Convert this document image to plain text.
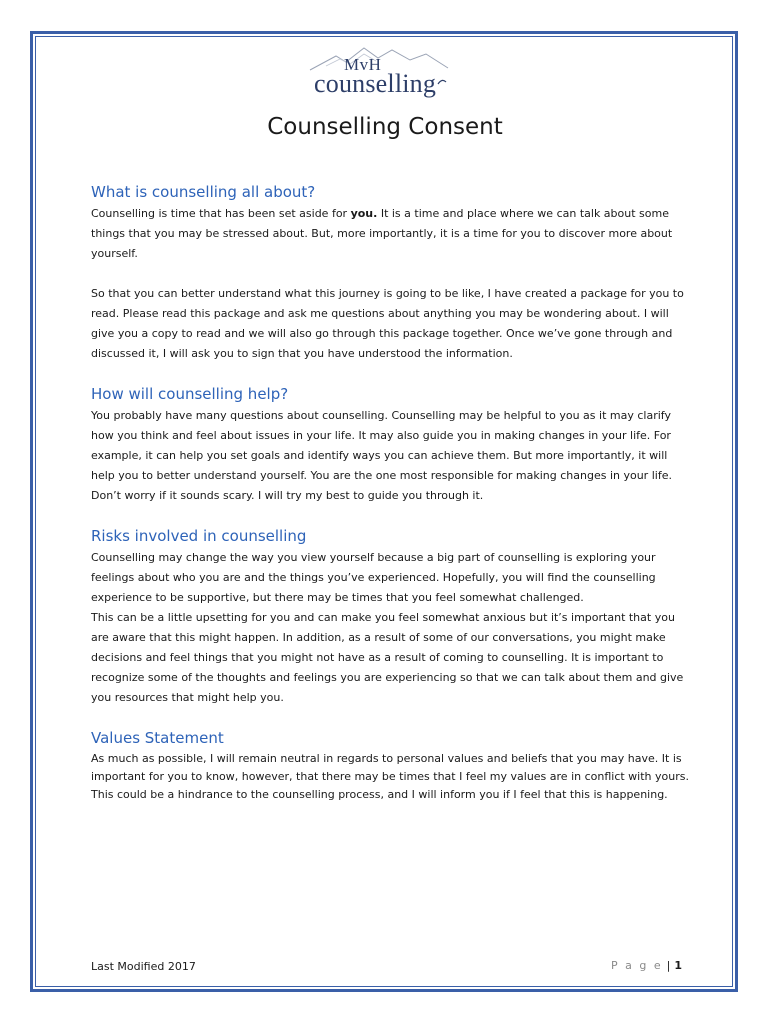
MvH
counselling
Counselling Consent
What is counselling all about?

Counselling is time that has been set aside for you. It is a time and place where we can talk about some things that you may be stressed about. But, more importantly, it is a time for you to discover more about yourself.

So that you can better understand what this journey is going to be like, I have created a package for you to read. Please read this package and ask me questions about anything you may be wondering about. I will give you a copy to read and we will also go through this package together. Once we’ve gone through and discussed it, I will ask you to sign that you have understood the information.

How will counselling help?

You probably have many questions about counselling. Counselling may be helpful to you as it may clarify how you think and feel about issues in your life. It may also guide you in making changes in your life. For example, it can help you set goals and identify ways you can achieve them. But more importantly, it will help you to better understand yourself. You are the one most responsible for making changes in your life. Don’t worry if it sounds scary. I will try my best to guide you through it.

Risks involved in counselling

Counselling may change the way you view yourself because a big part of counselling is exploring your feelings about who you are and the things you’ve experienced. Hopefully, you will find the counselling experience to be supportive, but there may be times that you feel somewhat challenged.

This can be a little upsetting for you and can make you feel somewhat anxious but it’s important that you are aware that this might happen. In addition, as a result of some of our conversations, you might make decisions and feel things that you might not have as a result of coming to counselling. It is important to recognize some of the thoughts and feelings you are experiencing so that we can talk about them and give you resources that might help you.

Values Statement

As much as possible, I will remain neutral in regards to personal values and beliefs that you may have. It is important for you to know, however, that there may be times that I feel my values are in conflict with yours. This could be a hindrance to the counselling process, and I will inform you if I feel that this is happening.

Last Modified 2017	P a g e | 1
